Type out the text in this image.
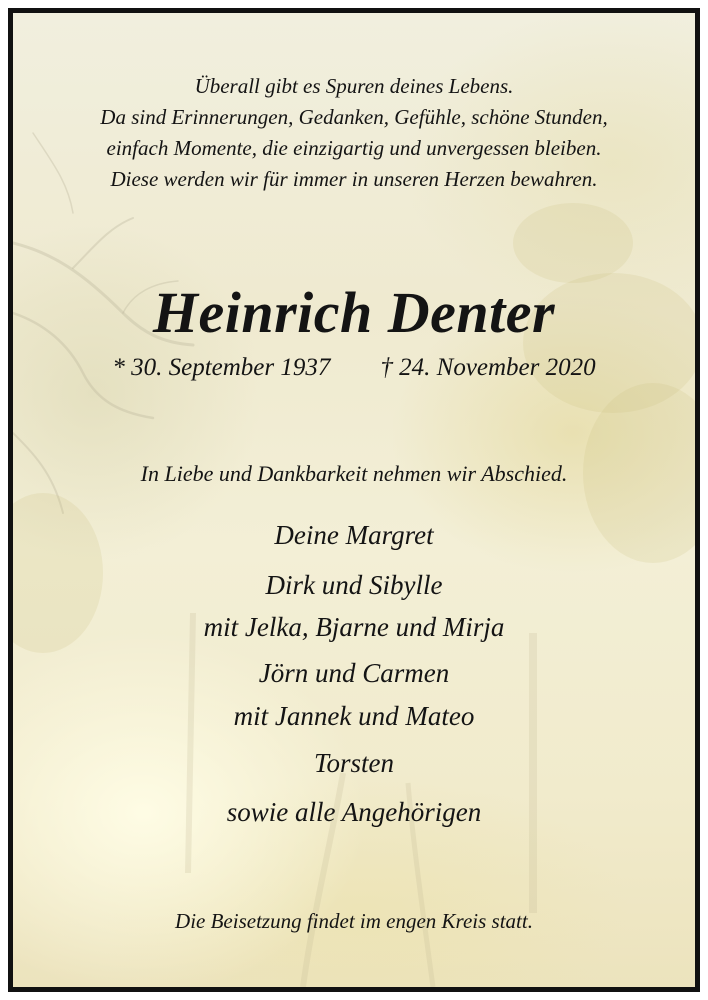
Überall gibt es Spuren deines Lebens.
Da sind Erinnerungen, Gedanken, Gefühle, schöne Stunden,
einfach Momente, die einzigartig und unvergessen bleiben.
Diese werden wir für immer in unseren Herzen bewahren.

Heinrich Denter

* 30. September 1937 † 24. November 2020

In Liebe und Dankbarkeit nehmen wir Abschied.

Deine Margret
Dirk und Sibylle
mit Jelka, Bjarne und Mirja
Jörn und Carmen
mit Jannek und Mateo
Torsten
sowie alle Angehörigen

Die Beisetzung findet im engen Kreis statt.
